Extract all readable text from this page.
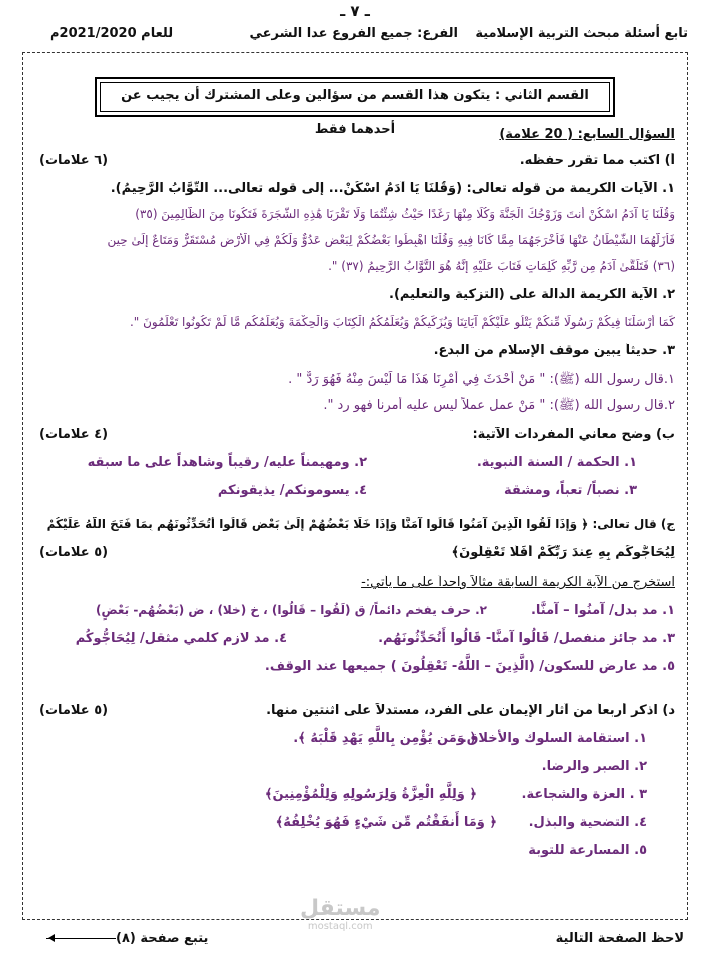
ـ ٧ ـ
تابع أسئلة مبحث التربية الإسلامية
الفرع: جميع الفروع عدا الشرعي
للعام 2021/2020م
القسم الثاني : يتكون هذا القسم من سؤالين وعلى المشترك أن يجيب عن أحدهما فقط	السؤال السابع: ( 20 علامة)
أ) اكتب مما تقرر حفظه.
(٦ علامات)
١. الآيات الكريمة من قوله تعالى: (وَقُلْنَا يَا آدَمُ اسْكُنْ... إلى قوله تعالى... التَّوَّابُ الرَّحِيمُ).
وَقُلْنَا يَا آدَمُ اسْكُنْ أَنتَ وَزَوْجُكَ الْجَنَّةَ وَكُلَا مِنْهَا رَغَدًا حَيْثُ شِئْتُمَا وَلَا تَقْرَبَا هَٰذِهِ الشَّجَرَةَ فَتَكُونَا مِنَ الظَّالِمِينَ (٣٥)
فَأَزَلَّهُمَا الشَّيْطَانُ عَنْهَا فَأَخْرَجَهُمَا مِمَّا كَانَا فِيهِ وَقُلْنَا اهْبِطُوا بَعْضُكُمْ لِبَعْضٍ عَدُوٌّ وَلَكُمْ فِي الْأَرْضِ مُسْتَقَرٌّ وَمَتَاعٌ إِلَىٰ حِينٍ
(٣٦) فَتَلَقَّىٰ آدَمُ مِن رَّبِّهِ كَلِمَاتٍ فَتَابَ عَلَيْهِ إِنَّهُ هُوَ التَّوَّابُ الرَّحِيمُ (٣٧) ".
٢. الآية الكريمة الدالة على (التزكية والتعليم).
كَمَا أَرْسَلْنَا فِيكُمْ رَسُولًا مِّنكُمْ يَتْلُو عَلَيْكُمْ آيَاتِنَا وَيُزَكِّيكُمْ وَيُعَلِّمُكُمُ الْكِتَابَ وَالْحِكْمَةَ وَيُعَلِّمُكُم مَّا لَمْ تَكُونُوا تَعْلَمُونَ ".
٣. حديثاً يبين موقف الإسلام من البدع.
١.قال رسول الله (ﷺ): " مَنْ أَحْدَثَ فِي أَمْرِنَا هَذَا مَا لَيْسَ مِنْهُ فَهُوَ رَدٌّ " .
٢.قال رسول الله (ﷺ): " مَنْ عمل عملاً ليس عليه أمرنا فهو رد ".
ب) وضح معاني المفردات الآتية:
(٤ علامات)
١. الحكمة / السنة النبوية.
٢. ومهيمناً عليه/ رقيباً وشاهداً على ما سبقه
٣. نصباً/ تعباً، ومشقة
٤. يسومونكم/ يذيقونكم
ج) قال تعالى: ﴿ وَإِذَا لَقُوا الَّذِينَ آمَنُوا قَالُوا آمَنَّا وَإِذَا خَلَا بَعْضُهُمْ إِلَىٰ بَعْضٍ قَالُوا أَتُحَدِّثُونَهُم بِمَا فَتَحَ اللَّهُ عَلَيْكُمْ
لِيُحَاجُّوكُم بِهِ عِندَ رَبِّكُمْ أَفَلَا تَعْقِلُونَ﴾
(٥ علامات)
استخرج من الآية الكريمة السابقة مثالاً واحداً على ما يأتي:-
١. مد بدل/ آمنُوا – آمنَّا.
٢. حرف يفخم دائماً/ ق (لَقُوا – قَالُوا) ، خ (خلا) ، ض (بَعْضُهُم- بَعْضٍ)
٣. مد جائز منفصل/ قَالُوا آمنَّا- قَالُوا أَتُحَدِّثُونَهُم.
٤. مد لازم كلمي مثقل/ لِيُحَاجُّوكُم
٥. مد عارض للسكون/ (الَّذِينَ – اللَّهُ- تَعْقِلُونَ ) جميعها عند الوقف.
د) اذكر أربعاً من آثار الإيمان على الفرد، مستدلاً على اثنتين منها.
(٥ علامات)
١. استقامة السلوك والأخلاق.
﴿ وَمَن يُؤْمِن بِاللَّهِ يَهْدِ قَلْبَهُ ﴾.
٢. الصبر والرضا.
٣ . العزة والشجاعة.
﴿ وَلِلَّهِ الْعِزَّةُ وَلِرَسُولِهِ وَلِلْمُؤْمِنِينَ﴾
٤. التضحية والبذل.
﴿ وَمَا أَنفَقْتُم مِّن شَيْءٍ فَهُوَ يُخْلِفُهُ﴾
٥. المسارعة للتوبة
لاحظ الصفحة التالية
يتبع صفحة (٨)
مستقل
mostaql.com
